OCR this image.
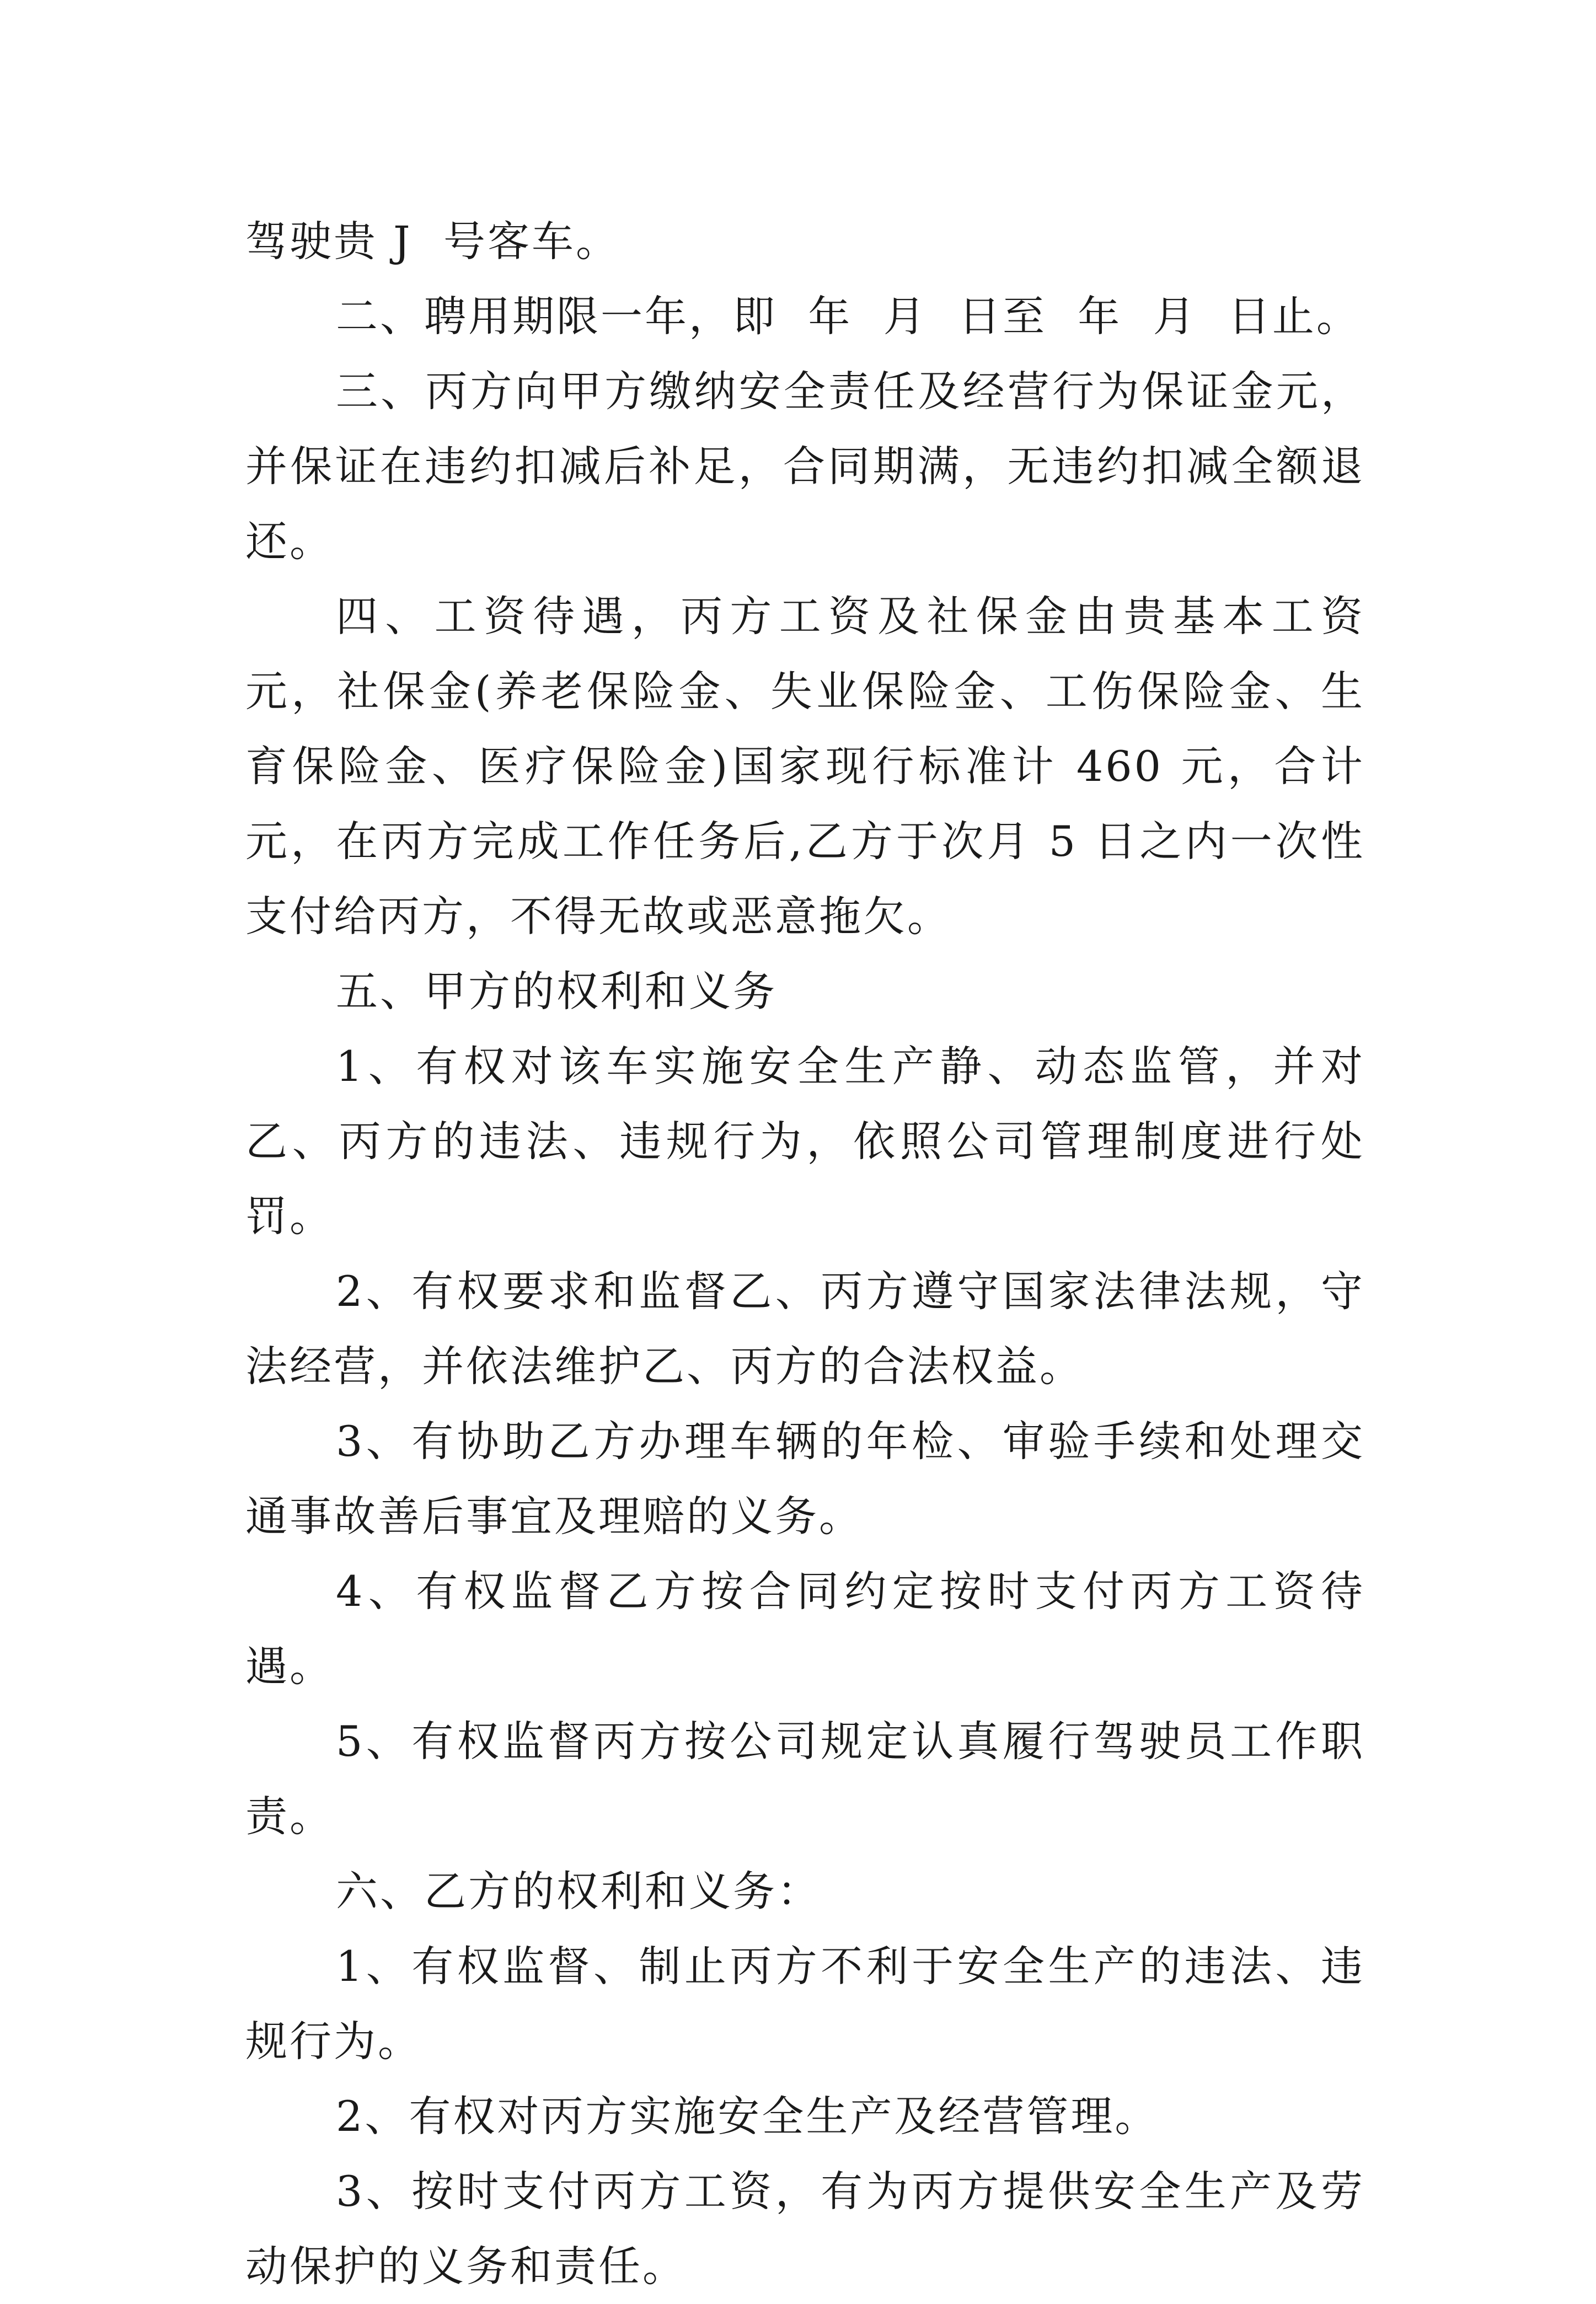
驾驶贵 J  号客车。

二、聘用期限一年，即  年  月  日至  年  月  日止。

三、丙方向甲方缴纳安全责任及经营行为保证金元，并保证在违约扣减后补足，合同期满，无违约扣减全额退还。

四、工资待遇，丙方工资及社保金由贵基本工资  元，社保金(养老保险金、失业保险金、工伤保险金、生育保险金、医疗保险金)国家现行标准计 460 元，合计  元，在丙方完成工作任务后,乙方于次月 5 日之内一次性支付给丙方，不得无故或恶意拖欠。

五、甲方的权利和义务

1、有权对该车实施安全生产静、动态监管，并对乙、丙方的违法、违规行为，依照公司管理制度进行处罚。

2、有权要求和监督乙、丙方遵守国家法律法规，守法经营，并依法维护乙、丙方的合法权益。

3、有协助乙方办理车辆的年检、审验手续和处理交通事故善后事宜及理赔的义务。

4、有权监督乙方按合同约定按时支付丙方工资待遇。

5、有权监督丙方按公司规定认真履行驾驶员工作职责。

六、乙方的权利和义务：

1、有权监督、制止丙方不利于安全生产的违法、违规行为。

2、有权对丙方实施安全生产及经营管理。

3、按时支付丙方工资，有为丙方提供安全生产及劳动保护的义务和责任。
